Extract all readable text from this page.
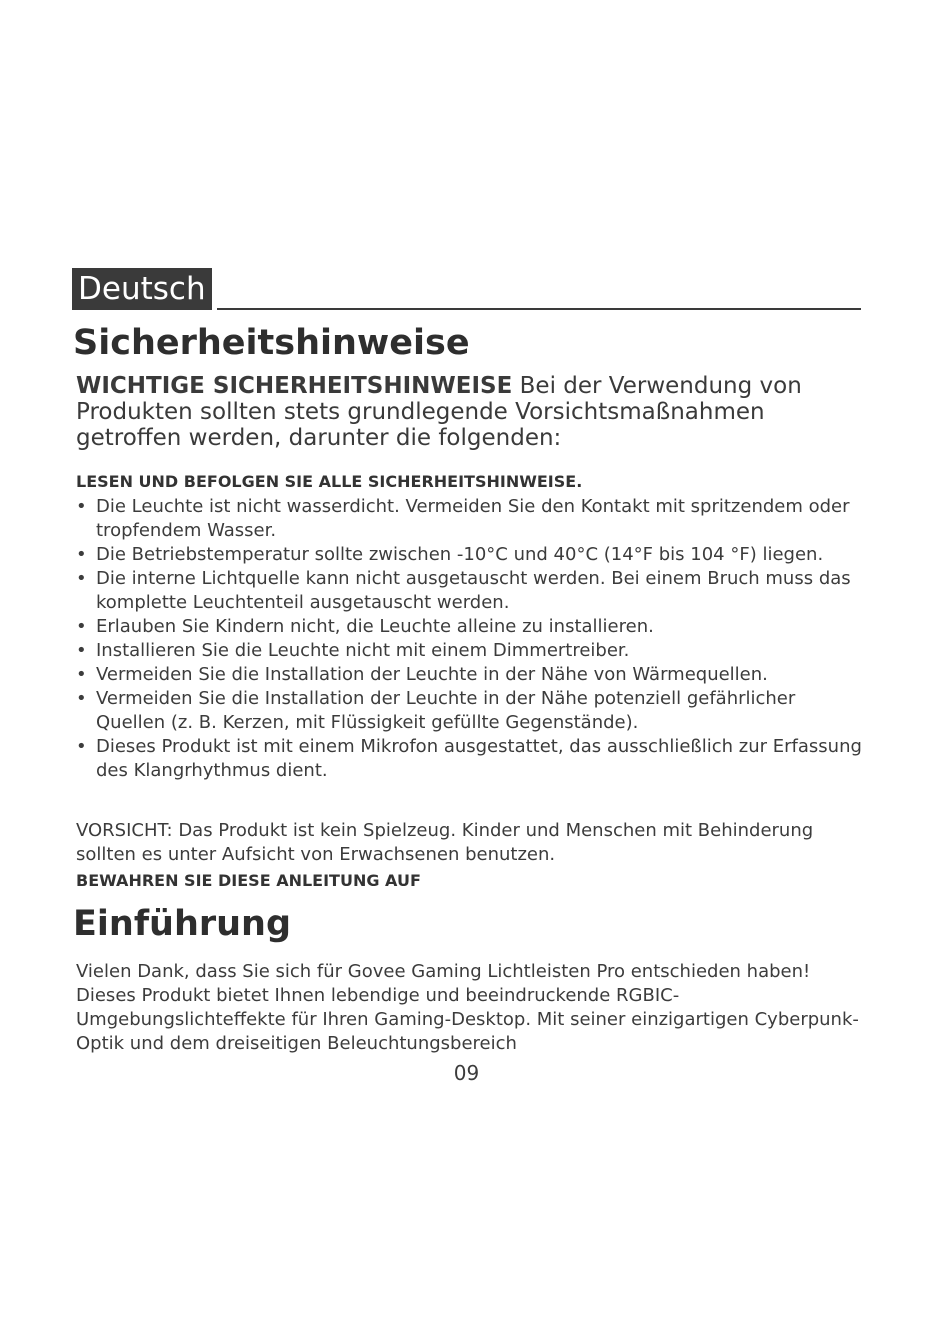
Deutsch
Sicherheitshinweise

WICHTIGE SICHERHEITSHINWEISE Bei der Verwendung von Produkten sollten stets grundlegende Vorsichtsmaßnahmen getroffen werden, darunter die folgenden:

LESEN UND BEFOLGEN SIE ALLE SICHERHEITSHINWEISE.

• Die Leuchte ist nicht wasserdicht. Vermeiden Sie den Kontakt mit spritzendem oder tropfendem Wasser.
• Die Betriebstemperatur sollte zwischen -10°C und 40°C (14°F bis 104 °F) liegen.
• Die interne Lichtquelle kann nicht ausgetauscht werden. Bei einem Bruch muss das komplette Leuchtenteil ausgetauscht werden.
• Erlauben Sie Kindern nicht, die Leuchte alleine zu installieren.
• Installieren Sie die Leuchte nicht mit einem Dimmertreiber.
• Vermeiden Sie die Installation der Leuchte in der Nähe von Wärmequellen.
• Vermeiden Sie die Installation der Leuchte in der Nähe potenziell gefährlicher Quellen (z. B. Kerzen, mit Flüssigkeit gefüllte Gegenstände).
• Dieses Produkt ist mit einem Mikrofon ausgestattet, das ausschließlich zur Erfassung des Klangrhythmus dient.

VORSICHT: Das Produkt ist kein Spielzeug. Kinder und Menschen mit Behinderung sollten es unter Aufsicht von Erwachsenen benutzen.

BEWAHREN SIE DIESE ANLEITUNG AUF

Einführung

Vielen Dank, dass Sie sich für Govee Gaming Lichtleisten Pro entschieden haben! Dieses Produkt bietet Ihnen lebendige und beeindruckende RGBIC-Umgebungslichteffekte für Ihren Gaming-Desktop. Mit seiner einzigartigen Cyberpunk-Optik und dem dreiseitigen Beleuchtungsbereich

09
